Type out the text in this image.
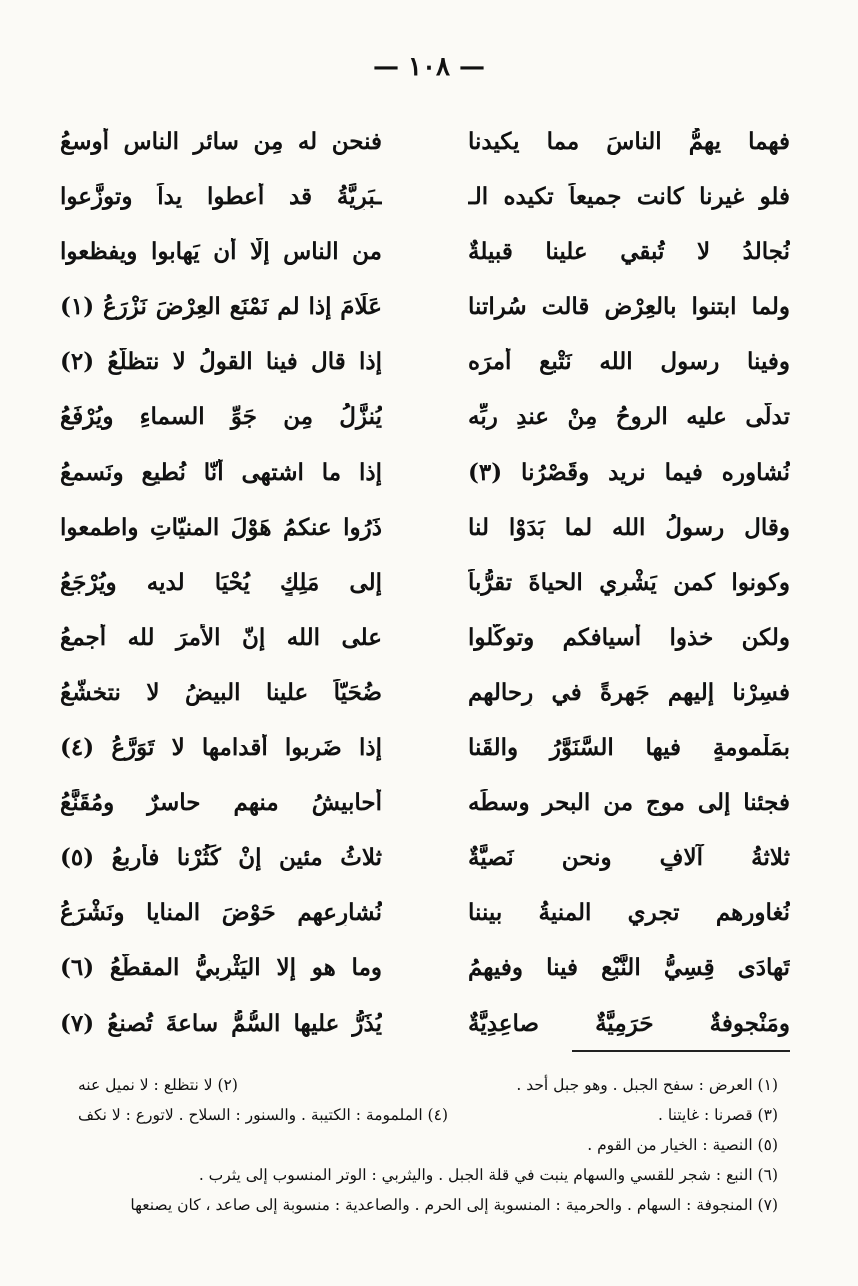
— ١٠٨ —
فهما يهمُّ الناسَ مما يكيدنا
فنحن له مِن سائر الناس أوسعُ
فلو غيرنا كانت جميعاً تكيده الـ
ـبَرِيَّةُ قد أعطوا يداً وتوزَّعوا
نُجالدُ لا تُبقي علينا قبيلةٌ
من الناس إلّا أن يَهابوا ويفظعوا
ولما ابتنوا بالعِرْض قالت سُراتنا
عَلَامَ إذا لم نَمْنَعِ العِرْضَ نَزْرَعُ (١)
وفينا رسول الله نَتْبع أمرَه
إذا قال فينا القولُ لا نتظلَّعُ (٢)
تدلَّى عليه الروحُ مِنْ عندِ ربِّه
يُنزَّلُ مِن جَوِّ السماءِ ويُرْفَعُ
نُشاوره فيما نريد وقَصْرُنا (٣)
إذا ما اشتهى أنّا نُطيع ونَسمعُ
وقال رسولُ الله لما بَدَوْا لنا
ذَرُوا عنكمُ هَوْلَ المنيّاتِ واطمعوا
وكونوا كمن يَشْرِي الحياةَ تقرُّباً
إلى مَلِكٍ يُحْيَا لديه ويُرْجَعُ
ولكن خذوا أسيافكم وتوكَّلوا
على الله إنّ الأمرَ لله أجمعُ
فسِرْنا إليهم جَهرةً في رِحالهم
ضُحَيّاً علينا البيضُ لا نتخشّعُ
بمَلْمومةٍ فيها السَّنَوَّرُ والقَنا
إذا ضَربوا أقدامها لا تَوَرَّعُ (٤)
فجئنا إلى موجٍ من البحر وسطَه
أحابيشُ منهم حاسرٌ ومُقَنَّعُ
ثلاثةُ آلافٍ ونحن نَصيَّةٌ
ثلاثُ مئين إنْ كَثُرْنا فأربعُ (٥)
نُغاورهم تجري المنيةُ بيننا
نُشارِعهم حَوْضَ المنايا ونَشْرَعُ
تَهادَى قِسِيُّ النَّبْعِ فينا وفيهمُ
وما هو إلا اليَثْرِبيُّ المقطَّعُ (٦)
ومَنْجوفةٌ حَرَمِيَّةٌ صاعِدِيَّةٌ
يُذَرُّ عليها السُّمُّ ساعةَ تُصنعُ (٧)
(١) العرض : سفح الجبل . وهو جبل أحد .
(٢) لا نتظلع : لا نميل عنه
(٣) قصرنا : غايتنا .
(٤) الملمومة : الكتيبة . والسنور : السلاح . لاتورع : لا نكف
(٥) النصية : الخيار من القوم .
(٦) النبع : شجر للقسي والسهام ينبت في قلة الجبل . واليثربي : الوتر المنسوب إلى يثرب .
(٧) المنجوفة : السهام . والحرمية : المنسوبة إلى الحرم . والصاعدية : منسوبة إلى صاعد ، كان يصنعها
